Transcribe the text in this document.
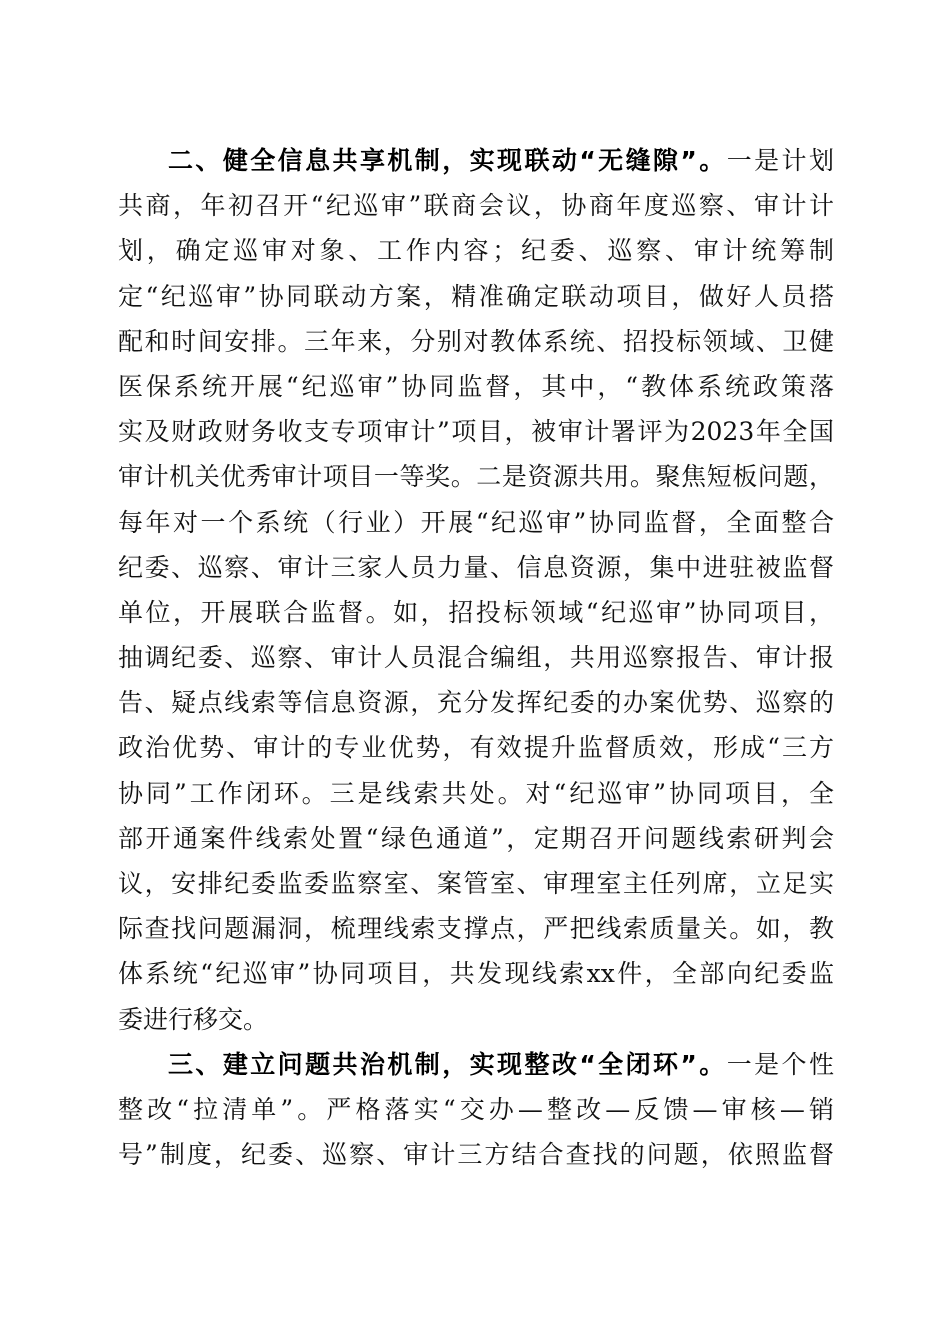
二、健全信息共享机制，实现联动“无缝隙”。一是计划
共商，年初召开“纪巡审”联商会议，协商年度巡察、审计计
划，确定巡审对象、工作内容；纪委、巡察、审计统筹制
定“纪巡审”协同联动方案，精准确定联动项目，做好人员搭
配和时间安排。三年来，分别对教体系统、招投标领域、卫健
医保系统开展“纪巡审”协同监督，其中，“教体系统政策落
实及财政财务收支专项审计”项目，被审计署评为2023年全国
审计机关优秀审计项目一等奖。二是资源共用。聚焦短板问题，
每年对一个系统（行业）开展“纪巡审”协同监督，全面整合
纪委、巡察、审计三家人员力量、信息资源，集中进驻被监督
单位，开展联合监督。如，招投标领域“纪巡审”协同项目，
抽调纪委、巡察、审计人员混合编组，共用巡察报告、审计报
告、疑点线索等信息资源，充分发挥纪委的办案优势、巡察的
政治优势、审计的专业优势，有效提升监督质效，形成“三方
协同”工作闭环。三是线索共处。对“纪巡审”协同项目，全
部开通案件线索处置“绿色通道”，定期召开问题线索研判会
议，安排纪委监委监察室、案管室、审理室主任列席，立足实
际查找问题漏洞，梳理线索支撑点，严把线索质量关。如，教
体系统“纪巡审”协同项目，共发现线索xx件，全部向纪委监
委进行移交。
三、建立问题共治机制，实现整改“全闭环”。一是个性
整改“拉清单”。严格落实“交办—整改—反馈—审核—销
号”制度，纪委、巡察、审计三方结合查找的问题，依照监督
